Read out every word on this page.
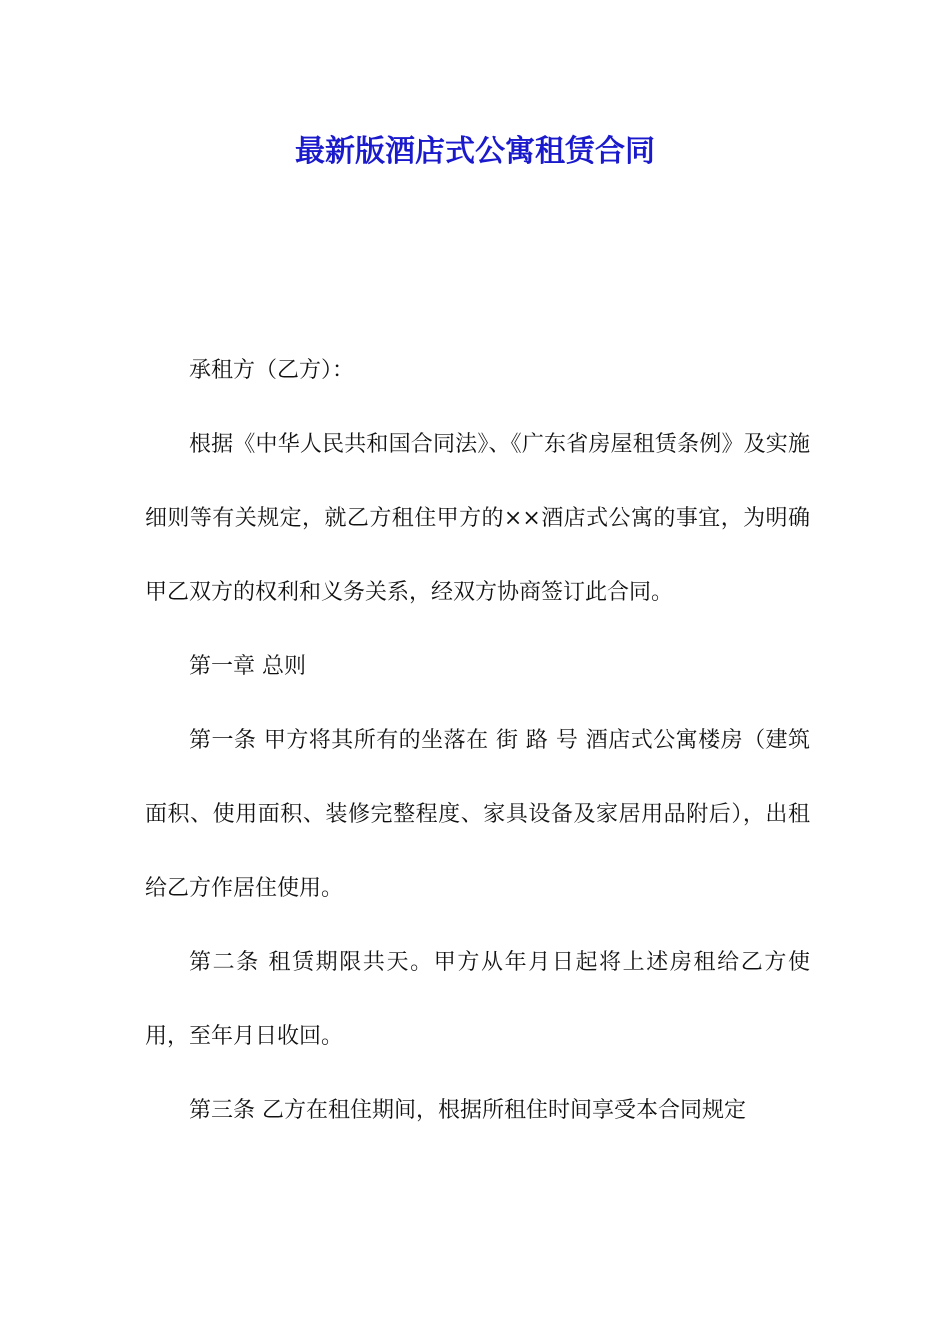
最新版酒店式公寓租赁合同

承租方（乙方）：

根据《中华人民共和国合同法》、《广东省房屋租赁条例》及实施细则等有关规定，就乙方租住甲方的××酒店式公寓的事宜，为明确甲乙双方的权利和义务关系，经双方协商签订此合同。

第一章 总则

第一条 甲方将其所有的坐落在 街 路 号 酒店式公寓楼房（建筑面积、使用面积、装修完整程度、家具设备及家居用品附后），出租给乙方作居住使用。

第二条 租赁期限共天。甲方从年月日起将上述房租给乙方使用，至年月日收回。

第三条 乙方在租住期间，根据所租住时间享受本合同规定
